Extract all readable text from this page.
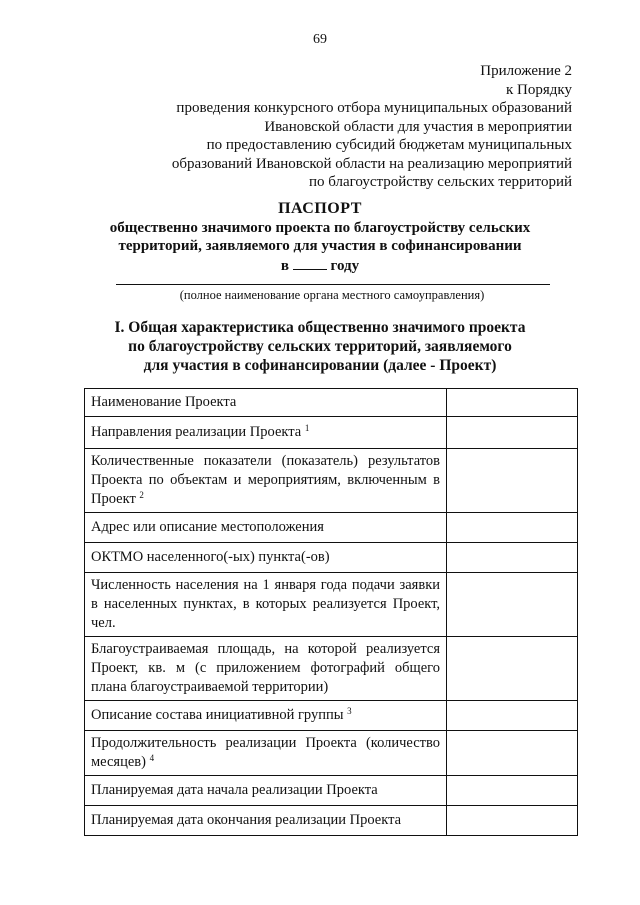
69
Приложение 2
к Порядку
проведения конкурсного отбора муниципальных образований
Ивановской области для участия в мероприятии
по предоставлению субсидий бюджетам муниципальных
образований Ивановской области на реализацию мероприятий
по благоустройству сельских территорий
ПАСПОРТ
общественно значимого проекта по благоустройству сельских
территорий, заявляемого для участия в софинансировании
в	году
(полное наименование органа местного самоуправления)
I. Общая характеристика общественно значимого проекта
по благоустройству сельских территорий, заявляемого
для участия в софинансировании (далее - Проект)
Наименование Проекта	
Направления реализации Проекта $^1$	
Количественные показатели (показатель) результатов Проекта по объектам и мероприятиям, включенным в Проект $^2$	
Адрес или описание местоположения	
ОКТМО населенного(-ых) пункта(-ов)	
Численность населения на 1 января года подачи заявки в населенных пунктах, в которых реализуется Проект, чел.	
Благоустраиваемая площадь, на которой реализуется Проект, кв. м (с приложением фотографий общего плана благоустраиваемой территории)	
Описание состава инициативной группы $^3$	
Продолжительность реализации Проекта (количество месяцев) $^4$	
Планируемая дата начала реализации Проекта	
Планируемая дата окончания реализации Проекта	
